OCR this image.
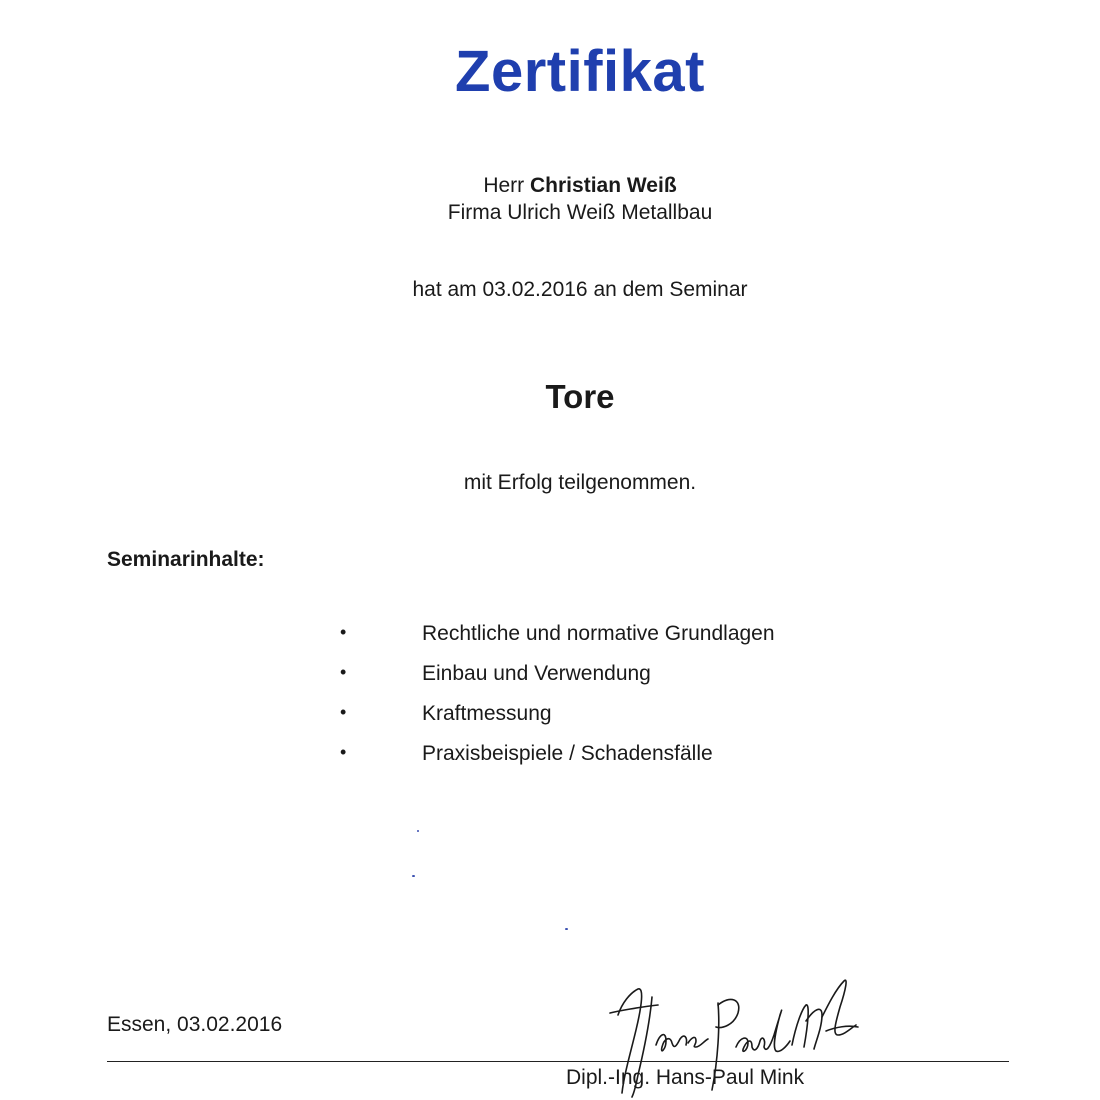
Zertifikat
Herr Christian Weiß
Firma Ulrich Weiß Metallbau
hat am 03.02.2016 an dem Seminar
Tore
mit Erfolg teilgenommen.
Seminarinhalte:
•	Rechtliche und normative Grundlagen
•	Einbau und Verwendung
•	Kraftmessung
•	Praxisbeispiele / Schadensfälle
Essen, 03.02.2016
Dipl.-Ing. Hans-Paul Mink
